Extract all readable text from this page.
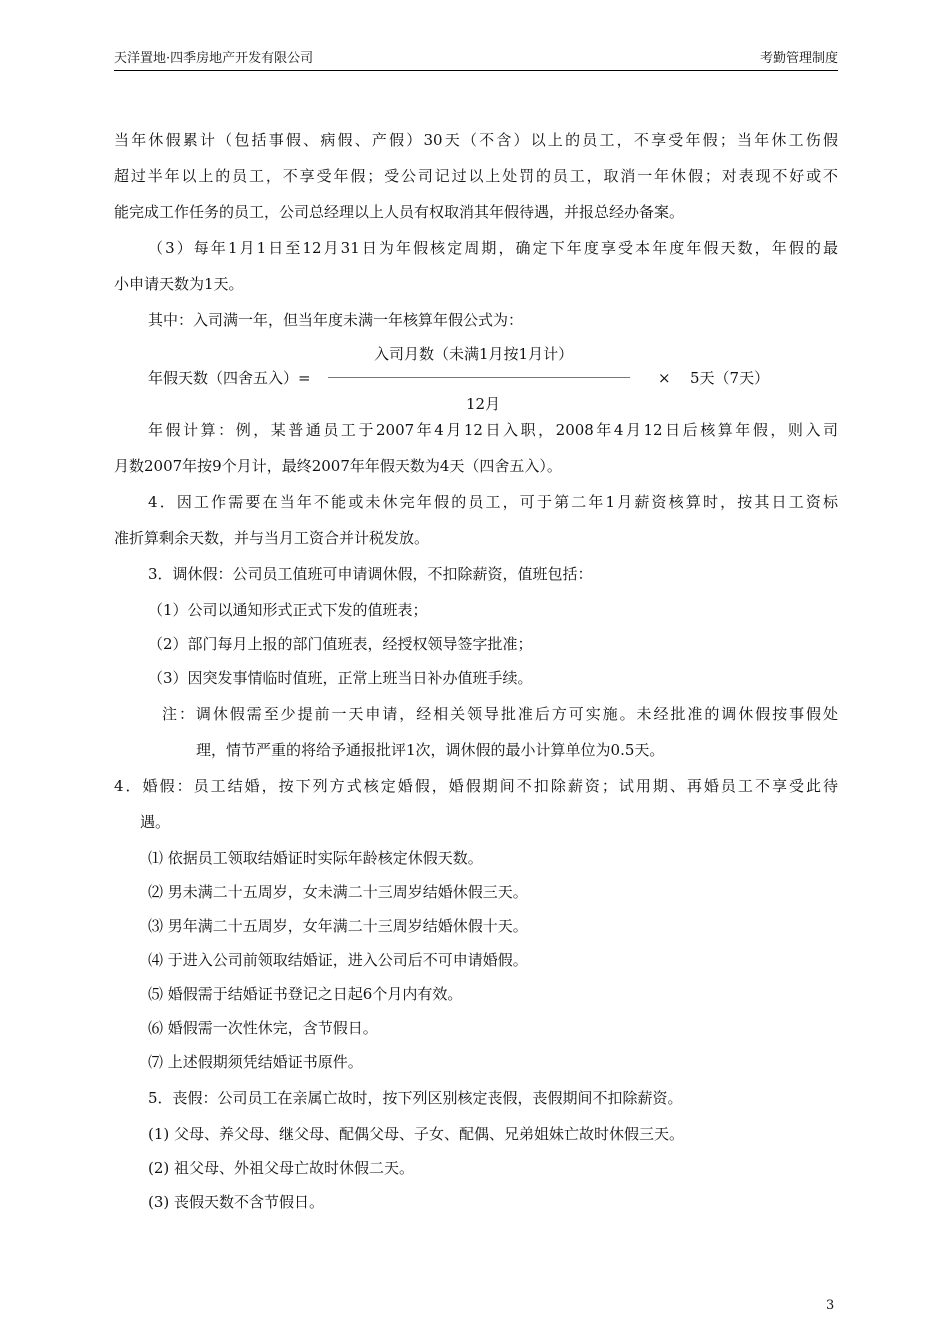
天洋置地·四季房地产开发有限公司	考勤管理制度
当年休假累计（包括事假、病假、产假）30天（不含）以上的员工，不享受年假；当年休工伤假
超过半年以上的员工，不享受年假；受公司记过以上处罚的员工，取消一年休假；对表现不好或不
能完成工作任务的员工，公司总经理以上人员有权取消其年假待遇，并报总经办备案。
（3）每年1月1日至12月31日为年假核定周期，确定下年度享受本年度年假天数，年假的最
小申请天数为1天。
其中：入司满一年，但当年度未满一年核算年假公式为：
入司月数（未满1月按1月计）
年假天数（四舍五入）=	× 5天（7天）
12月
年假计算：例，某普通员工于2007年4月12日入职，2008年4月12日后核算年假，则入司
月数2007年按9个月计，最终2007年年假天数为4天（四舍五入）。
4．因工作需要在当年不能或未休完年假的员工，可于第二年1月薪资核算时，按其日工资标
准折算剩余天数，并与当月工资合并计税发放。
3．调休假：公司员工值班可申请调休假，不扣除薪资，值班包括：
（1）公司以通知形式正式下发的值班表；
（2）部门每月上报的部门值班表，经授权领导签字批准；
（3）因突发事情临时值班，正常上班当日补办值班手续。
注：调休假需至少提前一天申请，经相关领导批准后方可实施。未经批准的调休假按事假处
理，情节严重的将给予通报批评1次，调休假的最小计算单位为0.5天。
4．婚假：员工结婚，按下列方式核定婚假，婚假期间不扣除薪资；试用期、再婚员工不享受此待
遇。
⑴ 依据员工领取结婚证时实际年龄核定休假天数。
⑵ 男未满二十五周岁，女未满二十三周岁结婚休假三天。
⑶ 男年满二十五周岁，女年满二十三周岁结婚休假十天。
⑷ 于进入公司前领取结婚证，进入公司后不可申请婚假。
⑸ 婚假需于结婚证书登记之日起6个月内有效。
⑹ 婚假需一次性休完，含节假日。
⑺ 上述假期须凭结婚证书原件。
5．丧假：公司员工在亲属亡故时，按下列区别核定丧假，丧假期间不扣除薪资。
(1) 父母、养父母、继父母、配偶父母、子女、配偶、兄弟姐妹亡故时休假三天。
(2) 祖父母、外祖父母亡故时休假二天。
(3) 丧假天数不含节假日。
3
